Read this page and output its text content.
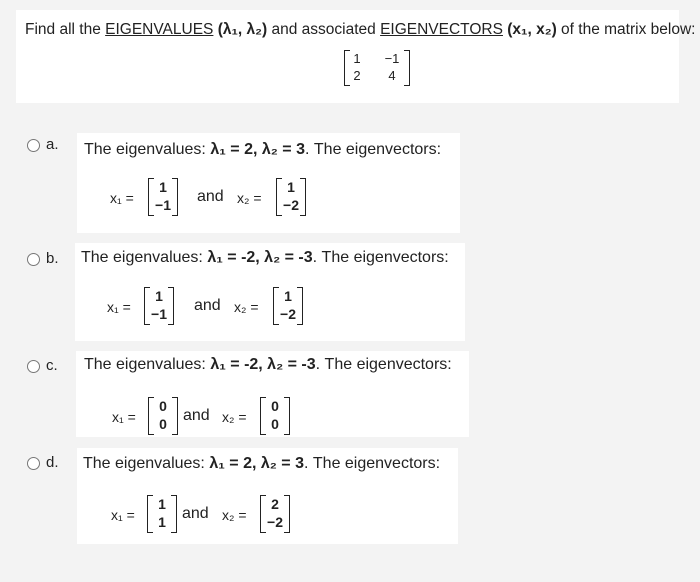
Find all the EIGENVALUES (λ₁, λ₂) and associated EIGENVECTORS (x₁, x₂) of the matrix below:
1	−1
2	4
a. The eigenvalues: λ₁ = 2, λ₂ = 3. The eigenvectors:
x₁ =
1
−1	and x₂ =
1
−2
b. The eigenvalues: λ₁ = -2, λ₂ = -3. The eigenvectors:
x₁ =
1
−1	and x₂ =
1
−2
c. The eigenvalues: λ₁ = -2, λ₂ = -3. The eigenvectors:
x₁ =
0
0	and x₂ =
0
0
d. The eigenvalues: λ₁ = 2, λ₂ = 3. The eigenvectors:
x₁ =
1
1	and x₂ =
2
−2
